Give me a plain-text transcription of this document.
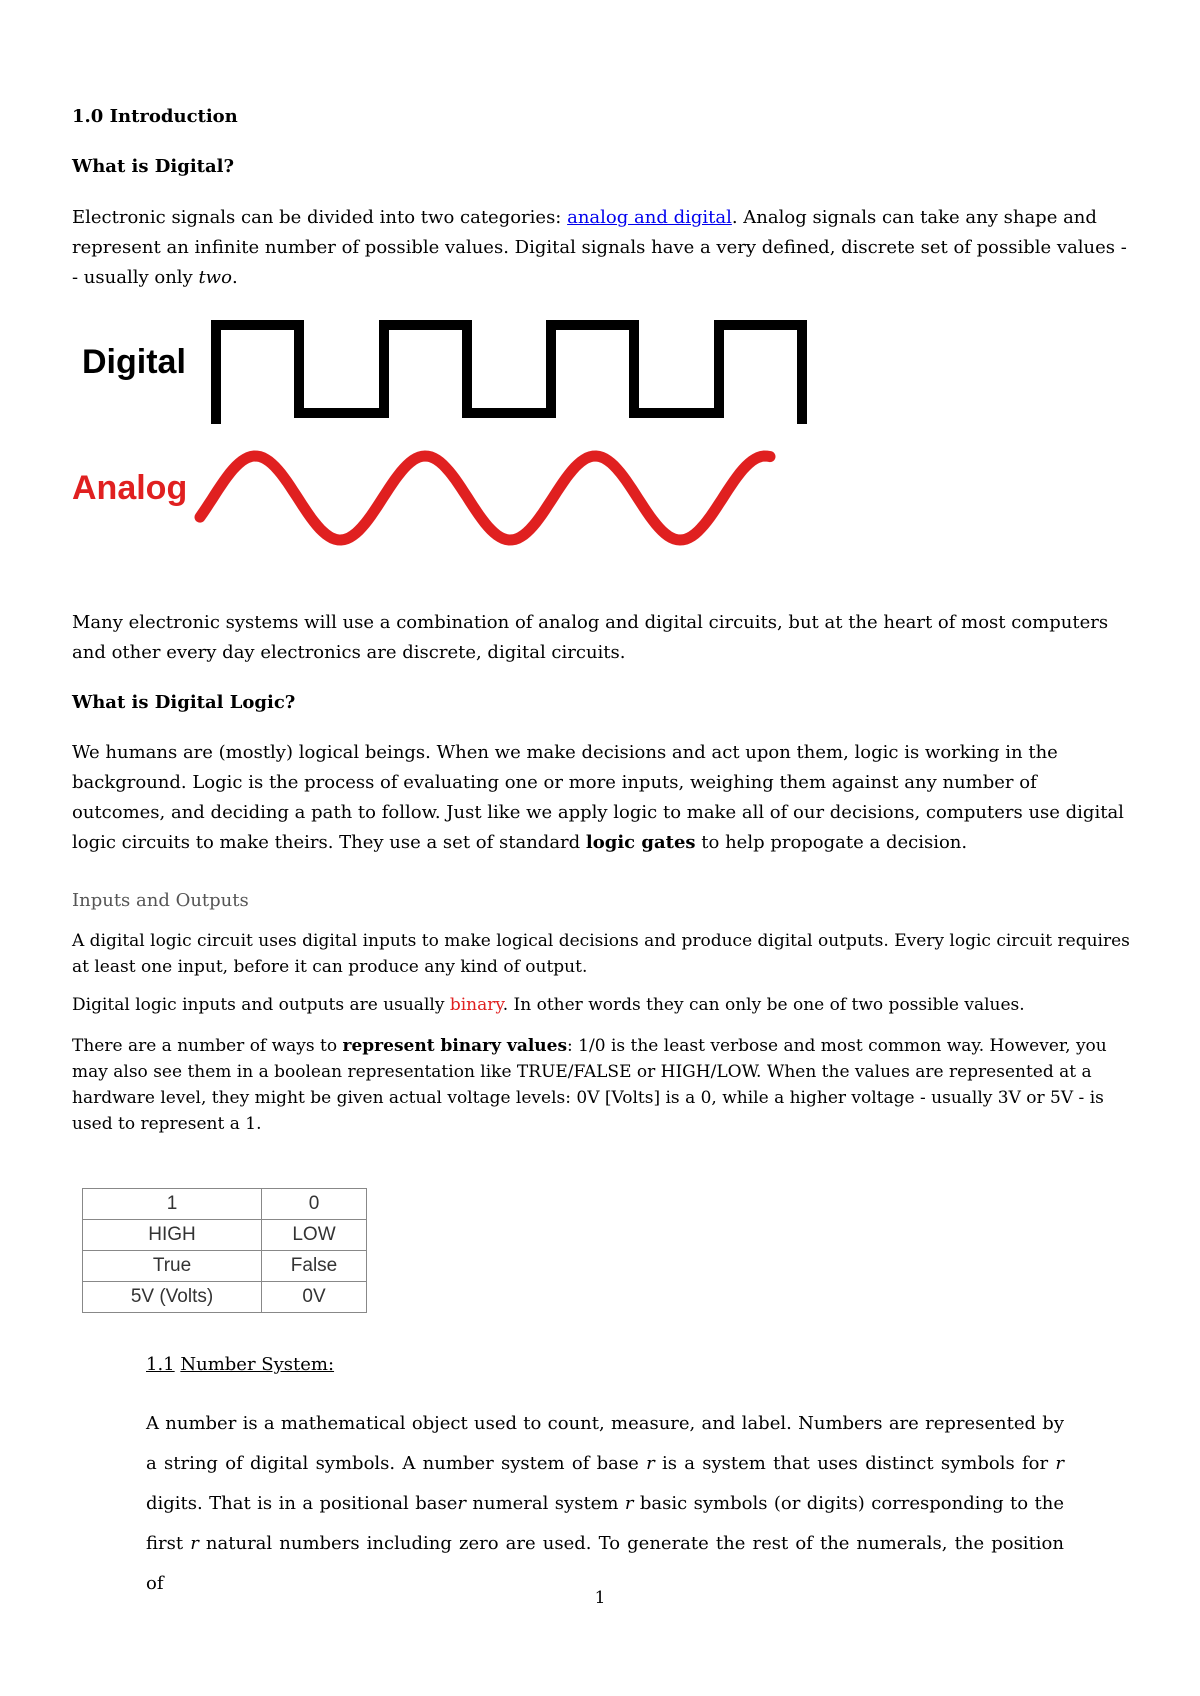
1.0 Introduction
What is Digital?
Electronic signals can be divided into two categories: analog and digital. Analog signals can take any shape and represent an infinite number of possible values. Digital signals have a very defined, discrete set of possible values -- usually only two.
Digital
Analog
Many electronic systems will use a combination of analog and digital circuits, but at the heart of most computers and other every day electronics are discrete, digital circuits.
What is Digital Logic?
We humans are (mostly) logical beings. When we make decisions and act upon them, logic is working in the background. Logic is the process of evaluating one or more inputs, weighing them against any number of outcomes, and deciding a path to follow. Just like we apply logic to make all of our decisions, computers use digital logic circuits to make theirs. They use a set of standard logic gates to help propogate a decision.
Inputs and Outputs
A digital logic circuit uses digital inputs to make logical decisions and produce digital outputs. Every logic circuit requires at least one input, before it can produce any kind of output.
Digital logic inputs and outputs are usually binary. In other words they can only be one of two possible values.
There are a number of ways to represent binary values: 1/0 is the least verbose and most common way. However, you may also see them in a boolean representation like TRUE/FALSE or HIGH/LOW. When the values are represented at a hardware level, they might be given actual voltage levels: 0V [Volts] is a 0, while a higher voltage - usually 3V or 5V - is used to represent a 1.
1	0
HIGH	LOW
True	False
5V (Volts)	0V
1.1 Number System:
A number is a mathematical object used to count, measure, and label. Numbers are represented by a string of digital symbols. A number system of base r is a system that uses distinct symbols for r digits. That is in a positional baser numeral system r basic symbols (or digits) corresponding to the first r natural numbers including zero are used. To generate the rest of the numerals, the position of
1
